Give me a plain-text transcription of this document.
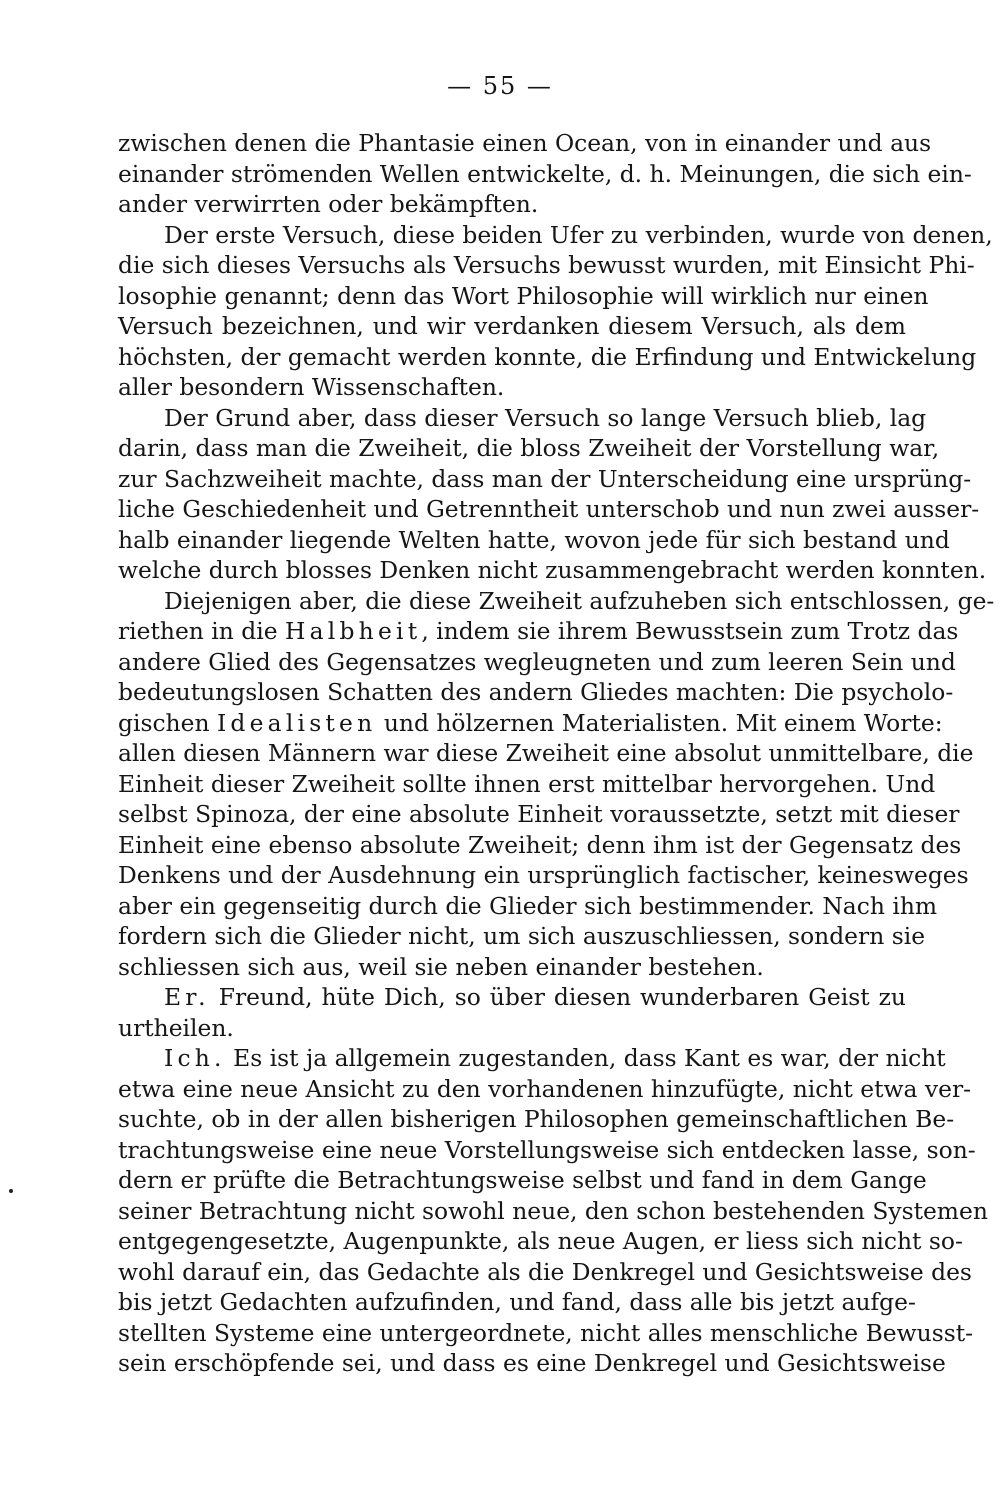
— 55 —
zwischen denen die Phantasie einen Ocean, von in einander und aus
einander strömenden Wellen entwickelte, d. h. Meinungen, die sich ein-
ander verwirrten oder bekämpften.
Der erste Versuch, diese beiden Ufer zu verbinden, wurde von denen,
die sich dieses Versuchs als Versuchs bewusst wurden, mit Einsicht Phi-
losophie genannt; denn das Wort Philosophie will wirklich nur einen
Versuch bezeichnen, und wir verdanken diesem Versuch, als dem
höchsten, der gemacht werden konnte, die Erfindung und Entwickelung
aller besondern Wissenschaften.
Der Grund aber, dass dieser Versuch so lange Versuch blieb, lag
darin, dass man die Zweiheit, die bloss Zweiheit der Vorstellung war,
zur Sachzweiheit machte, dass man der Unterscheidung eine ursprüng-
liche Geschiedenheit und Getrenntheit unterschob und nun zwei ausser-
halb einander liegende Welten hatte, wovon jede für sich bestand und
welche durch blosses Denken nicht zusammengebracht werden konnten.
Diejenigen aber, die diese Zweiheit aufzuheben sich entschlossen, ge-
riethen in die Halbheit, indem sie ihrem Bewusstsein zum Trotz das
andere Glied des Gegensatzes wegleugneten und zum leeren Sein und
bedeutungslosen Schatten des andern Gliedes machten: Die psycholo-
gischen Idealisten und hölzernen Materialisten. Mit einem Worte:
allen diesen Männern war diese Zweiheit eine absolut unmittelbare, die
Einheit dieser Zweiheit sollte ihnen erst mittelbar hervorgehen. Und
selbst Spinoza, der eine absolute Einheit voraussetzte, setzt mit dieser
Einheit eine ebenso absolute Zweiheit; denn ihm ist der Gegensatz des
Denkens und der Ausdehnung ein ursprünglich factischer, keinesweges
aber ein gegenseitig durch die Glieder sich bestimmender. Nach ihm
fordern sich die Glieder nicht, um sich auszuschliessen, sondern sie
schliessen sich aus, weil sie neben einander bestehen.
Er. Freund, hüte Dich, so über diesen wunderbaren Geist zu
urtheilen.
Ich. Es ist ja allgemein zugestanden, dass Kant es war, der nicht
etwa eine neue Ansicht zu den vorhandenen hinzufügte, nicht etwa ver-
suchte, ob in der allen bisherigen Philosophen gemeinschaftlichen Be-
trachtungsweise eine neue Vorstellungsweise sich entdecken lasse, son-
dern er prüfte die Betrachtungsweise selbst und fand in dem Gange
seiner Betrachtung nicht sowohl neue, den schon bestehenden Systemen
entgegengesetzte, Augenpunkte, als neue Augen, er liess sich nicht so-
wohl darauf ein, das Gedachte als die Denkregel und Gesichtsweise des
bis jetzt Gedachten aufzufinden, und fand, dass alle bis jetzt aufge-
stellten Systeme eine untergeordnete, nicht alles menschliche Bewusst-
sein erschöpfende sei, und dass es eine Denkregel und Gesichtsweise
